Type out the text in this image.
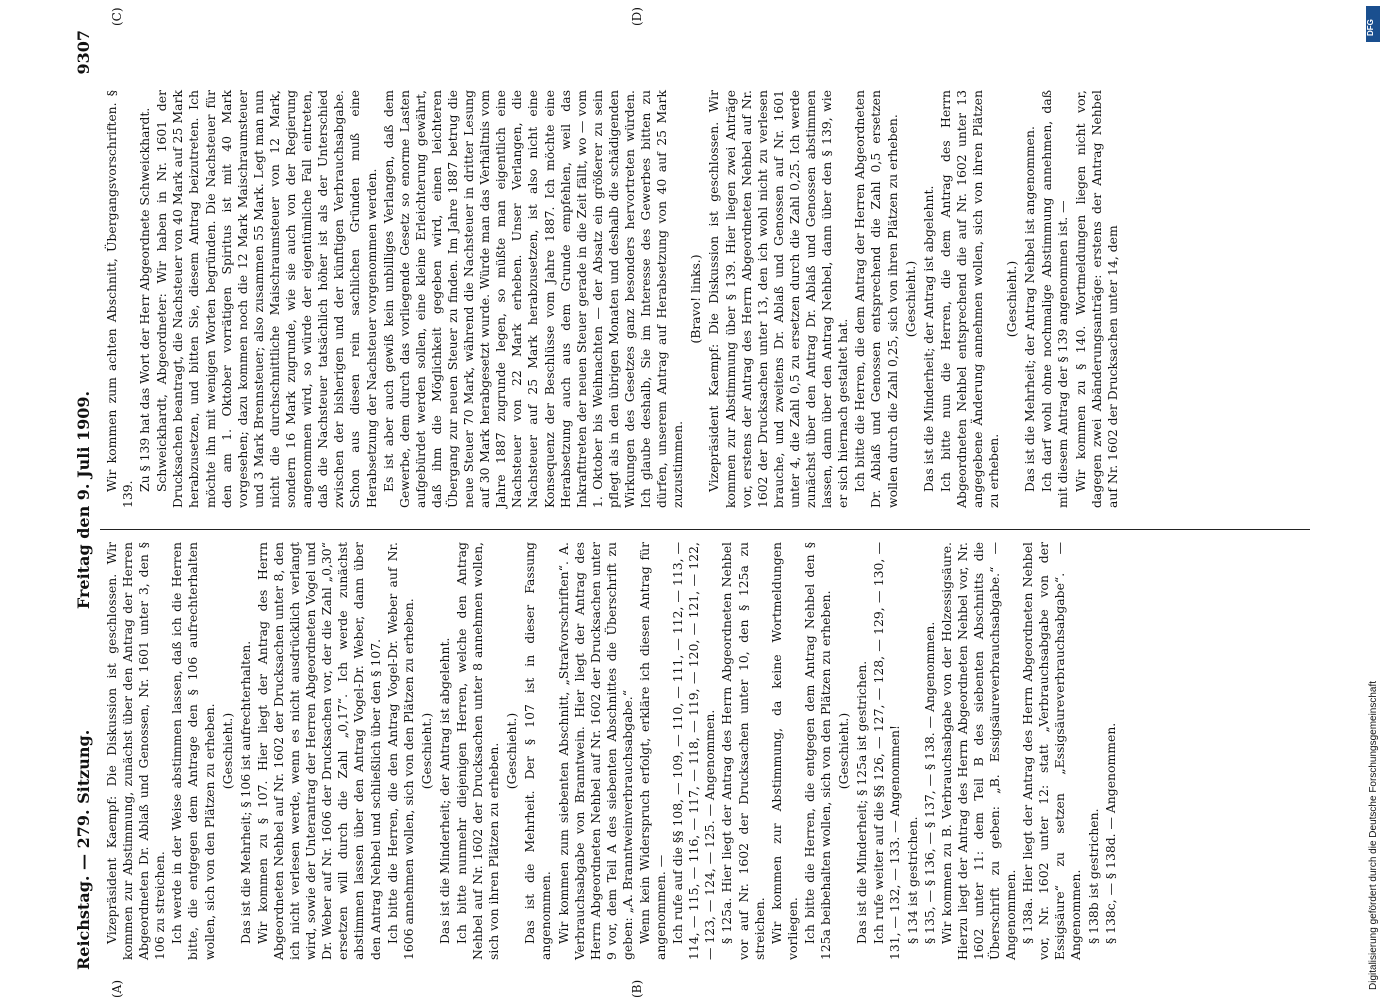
Reichstag. — 279. Sitzung.
Freitag den 9. Juli 1909.
9307
(A)	(B)
(C)	(D)

Vizepräsident Kaempf: Die Diskussion ist geschlossen. Wir kommen zur Abstimmung, zunächst über den Antrag der Herren Abgeordneten Dr. Ablaß und Genossen, Nr. 1601 unter 3, den § 106 zu streichen. Ich werde in der Weise abstimmen lassen, daß ich die Herren bitte, die entgegen dem Antrage den § 106 aufrechterhalten wollen, sich von den Plätzen zu erheben. (Geschieht.) Das ist die Mehrheit; § 106 ist aufrechterhalten. Wir kommen zu § 107. Hier liegt der Antrag des Herrn Abgeordneten Nehbel auf Nr. 1602 der Drucksachen unter 8, den ich nicht verlesen werde, wenn es nicht ausdrücklich verlangt wird, sowie der Unterantrag der Herren Abgeordneten Vogel und Dr. Weber auf Nr. 1606 der Drucksachen vor, der die Zahl „0,30“ ersetzen will durch die Zahl „0,17“. Ich werde zunächst abstimmen lassen über den Antrag Vogel-Dr. Weber, dann über den Antrag Nehbel und schließlich über den § 107. Ich bitte die Herren, die den Antrag Vogel-Dr. Weber auf Nr. 1606 annehmen wollen, sich von den Plätzen zu erheben. (Geschieht.) Das ist die Minderheit; der Antrag ist abgelehnt. Ich bitte nunmehr diejenigen Herren, welche den Antrag Nehbel auf Nr. 1602 der Drucksachen unter 8 annehmen wollen, sich von ihren Plätzen zu erheben. (Geschieht.) Das ist die Mehrheit. Der § 107 ist in dieser Fassung angenommen. Wir kommen zum siebenten Abschnitt, „Strafvorschriften“. A. Verbrauchsabgabe von Branntwein. Hier liegt der Antrag des Herrn Abgeordneten Nehbel auf Nr. 1602 der Drucksachen unter 9 vor, dem Teil A des siebenten Abschnittes die Überschrift zu geben: „A. Branntweinverbrauchsabgabe.“ Wenn kein Widerspruch erfolgt, erkläre ich diesen Antrag für angenommen. — Ich rufe auf die §§ 108, — 109, — 110, — 111, — 112, — 113, — 114, — 115, — 116, — 117, — 118, — 119, — 120, — 121, — 122, — 123, — 124, — 125. — Angenommen. § 125a. Hier liegt der Antrag des Herrn Abgeordneten Nehbel vor auf Nr. 1602 der Drucksachen unter 10, den § 125a zu streichen. Wir kommen zur Abstimmung, da keine Wortmeldungen vorliegen. Ich bitte die Herren, die entgegen dem Antrag Nehbel den § 125a beibehalten wollen, sich von den Plätzen zu erheben. (Geschieht.) Das ist die Minderheit; § 125a ist gestrichen. Ich rufe weiter auf die §§ 126, — 127, — 128, — 129, — 130, — 131, — 132, — 133. — Angenommen! § 134 ist gestrichen. § 135, — § 136, — § 137, — § 138. — Angenommen. Wir kommen zu B. Verbrauchsabgabe von der Holzessigsäure. Hierzu liegt der Antrag des Herrn Abgeordneten Nehbel vor, Nr. 1602 unter 11: dem Teil B des siebenten Abschnitts die Überschrift zu geben: „B. Essigsäureverbrauchsabgabe.“ — Angenommen. § 138a. Hier liegt der Antrag des Herrn Abgeordneten Nehbel vor, Nr. 1602 unter 12: statt „Verbrauchsabgabe von der Essigsäure“ zu setzen „Essigsäureverbrauchsabgabe“. — Angenommen. § 138b ist gestrichen. § 138c, — § 138d. — Angenommen.

Wir kommen zum achten Abschnitt, Übergangsvorschriften. § 139.

Zu § 139 hat das Wort der Herr Abgeordnete Schweickhardt. Schweickhardt, Abgeordneter: Wir haben in Nr. 1601 der Drucksachen beantragt, die Nachsteuer von 40 Mark auf 25 Mark herabzusetzen, und bitten Sie, diesem Antrag beizutreten. Ich möchte ihn mit wenigen Worten begründen. Die Nachsteuer für den am 1. Oktober vorrätigen Spiritus ist mit 40 Mark vorgesehen; dazu kommen noch die 12 Mark Maischraumsteuer und 3 Mark Brennsteuer; also zusammen 55 Mark. Legt man nun nicht die durchschnittliche Maischraumsteuer von 12 Mark, sondern 16 Mark zugrunde, wie sie auch von der Regierung angenommen wird, so würde der eigentümliche Fall eintreten, daß die Nachsteuer tatsächlich höher ist als der Unterschied zwischen der bisherigen und der künftigen Verbrauchsabgabe. Schon aus diesen rein sachlichen Gründen muß eine Herabsetzung der Nachsteuer vorgenommen werden. Es ist aber auch gewiß kein unbilliges Verlangen, daß dem Gewerbe, dem durch das vorliegende Gesetz so enorme Lasten aufgebürdet werden sollen, eine kleine Erleichterung gewährt, daß ihm die Möglichkeit gegeben wird, einen leichteren Übergang zur neuen Steuer zu finden. Im Jahre 1887 betrug die neue Steuer 70 Mark, während die Nachsteuer in dritter Lesung auf 30 Mark herabgesetzt wurde. Würde man das Verhältnis vom Jahre 1887 zugrunde legen, so müßte man eigentlich eine Nachsteuer von 22 Mark erheben. Unser Verlangen, die Nachsteuer auf 25 Mark herabzusetzen, ist also nicht eine Konsequenz der Beschlüsse vom Jahre 1887. Ich möchte eine Herabsetzung auch aus dem Grunde empfehlen, weil das Inkrafttreten der neuen Steuer gerade in die Zeit fällt, wo — vom 1. Oktober bis Weihnachten — der Absatz ein größerer zu sein pflegt als in den übrigen Monaten und deshalb die schädigenden Wirkungen des Gesetzes ganz besonders hervortreten würden. Ich glaube deshalb, Sie im Interesse des Gewerbes bitten zu dürfen, unserem Antrag auf Herabsetzung von 40 auf 25 Mark zuzustimmen.

(Bravo! links.) Vizepräsident Kaempf: Die Diskussion ist geschlossen. Wir kommen zur Abstimmung über § 139. Hier liegen zwei Anträge vor, erstens der Antrag des Herrn Abgeordneten Nehbel auf Nr. 1602 der Drucksachen unter 13, den ich wohl nicht zu verlesen brauche, und zweitens Dr. Ablaß und Genossen auf Nr. 1601 unter 4, die Zahl 0,5 zu ersetzen durch die Zahl 0,25. Ich werde zunächst über den Antrag Dr. Ablaß und Genossen abstimmen lassen, dann über den Antrag Nehbel, dann über den § 139, wie er sich hiernach gestaltet hat. Ich bitte die Herren, die dem Antrag der Herren Abgeordneten Dr. Ablaß und Genossen entsprechend die Zahl 0,5 ersetzen wollen durch die Zahl 0,25, sich von ihren Plätzen zu erheben. (Geschieht.) Das ist die Minderheit; der Antrag ist abgelehnt. Ich bitte nun die Herren, die dem Antrag des Herrn Abgeordneten Nehbel entsprechend die auf Nr. 1602 unter 13 angegebene Änderung annehmen wollen, sich von ihren Plätzen zu erheben.

(Geschieht.) Das ist die Mehrheit; der Antrag Nehbel ist angenommen. Ich darf wohl ohne nochmalige Abstimmung annehmen, daß mit diesem Antrag der § 139 angenommen ist. — Wir kommen zu § 140. Wortmeldungen liegen nicht vor, dagegen zwei Abänderungsanträge: erstens der Antrag Nehbel auf Nr. 1602 der Drucksachen unter 14, dem

DFG
Digitalisierung gefördert durch die Deutsche Forschungsgemeinschaft
